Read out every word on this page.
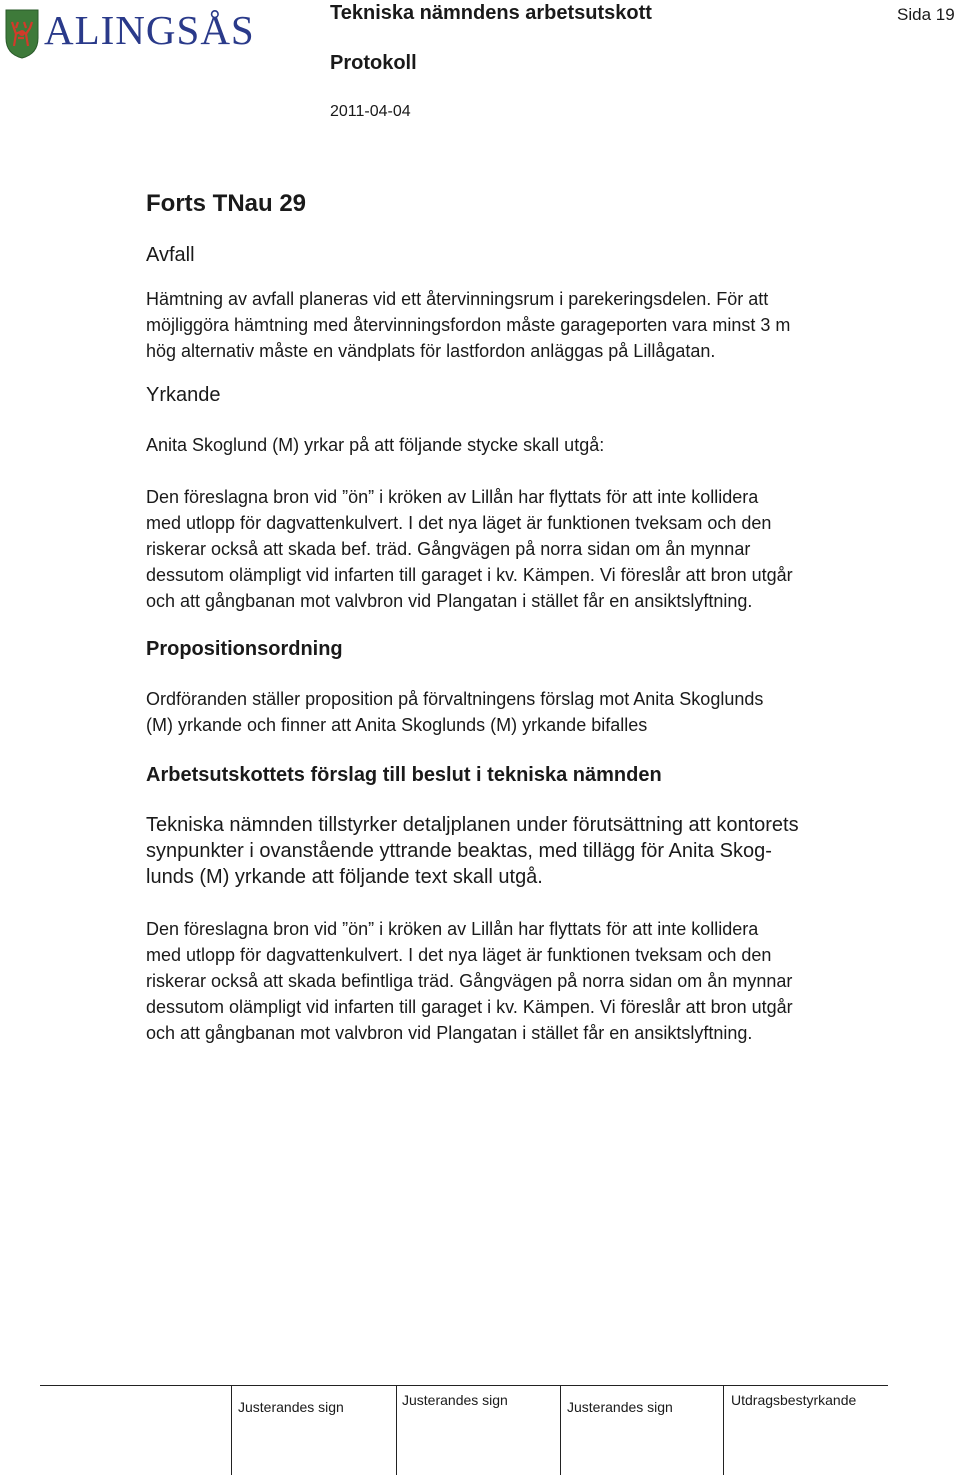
ALINGSÅS	Tekniska nämndens arbetsutskott	Sida 19
Protokoll
2011-04-04
Forts TNau 29
Avfall
Hämtning av avfall planeras vid ett återvinningsrum i parekeringsdelen. För att
möjliggöra hämtning med återvinningsfordon måste garageporten vara minst 3 m
hög alternativ måste en vändplats för lastfordon anläggas på Lillågatan.
Yrkande
Anita Skoglund (M) yrkar på att följande stycke skall utgå:
Den föreslagna bron vid ”ön” i kröken av Lillån har flyttats för att inte kollidera
med utlopp för dagvattenkulvert. I det nya läget är funktionen tveksam och den
riskerar också att skada bef. träd. Gångvägen på norra sidan om ån mynnar
dessutom olämpligt vid infarten till garaget i kv. Kämpen. Vi föreslår att bron utgår
och att gångbanan mot valvbron vid Plangatan i stället får en ansiktslyftning.
Propositionsordning
Ordföranden ställer proposition på förvaltningens förslag mot Anita Skoglunds
(M) yrkande och finner att Anita Skoglunds (M) yrkande bifalles
Arbetsutskottets förslag till beslut i tekniska nämnden
Tekniska nämnden tillstyrker detaljplanen under förutsättning att kontorets
synpunkter i ovanstående yttrande beaktas, med tillägg för Anita Skog-
lunds (M) yrkande att följande text skall utgå.
Den föreslagna bron vid ”ön” i kröken av Lillån har flyttats för att inte kollidera
med utlopp för dagvattenkulvert. I det nya läget är funktionen tveksam och den
riskerar också att skada befintliga träd. Gångvägen på norra sidan om ån mynnar
dessutom olämpligt vid infarten till garaget i kv. Kämpen. Vi föreslår att bron utgår
och att gångbanan mot valvbron vid Plangatan i stället får en ansiktslyftning.
Justerandes sign	Justerandes sign	Justerandes sign	Utdragsbestyrkande
